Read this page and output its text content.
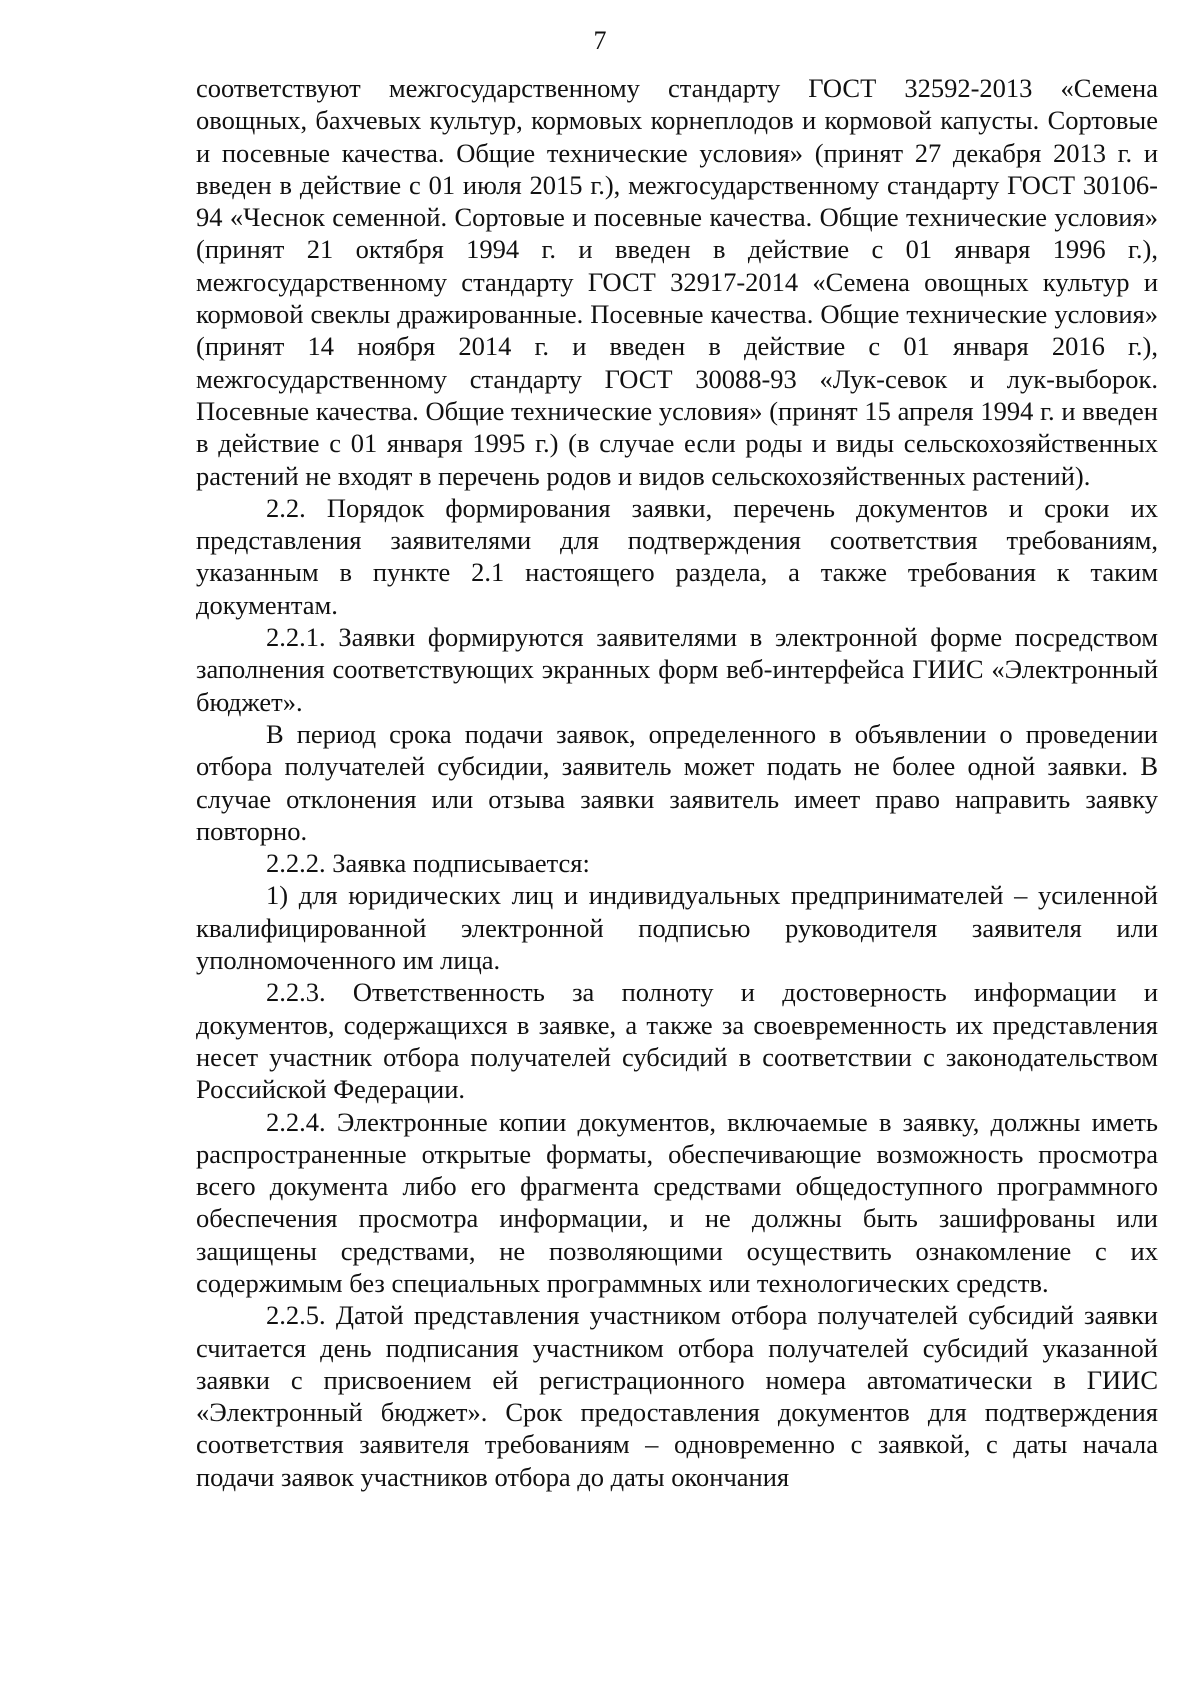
7

соответствуют межгосударственному стандарту ГОСТ 32592-2013 «Семена овощных, бахчевых культур, кормовых корнеплодов и кормовой капусты. Сортовые и посевные качества. Общие технические условия» (принят 27 декабря 2013 г. и введен в действие с 01 июля 2015 г.), межгосударственному стандарту ГОСТ 30106-94 «Чеснок семенной. Сортовые и посевные качества. Общие технические условия» (принят 21 октября 1994 г. и введен в действие с 01 января 1996 г.), межгосударственному стандарту ГОСТ 32917-2014 «Семена овощных культур и кормовой свеклы дражированные. Посевные качества. Общие технические условия» (принят 14 ноября 2014 г. и введен в действие с 01 января 2016 г.), межгосударственному стандарту ГОСТ 30088-93 «Лук-севок и лук-выборок. Посевные качества. Общие технические условия» (принят 15 апреля 1994 г. и введен в действие с 01 января 1995 г.) (в случае если роды и виды сельскохозяйственных растений не входят в перечень родов и видов сельскохозяйственных растений).

2.2. Порядок формирования заявки, перечень документов и сроки их представления заявителями для подтверждения соответствия требованиям, указанным в пункте 2.1 настоящего раздела, а также требования к таким документам.

2.2.1. Заявки формируются заявителями в электронной форме посредством заполнения соответствующих экранных форм веб-интерфейса ГИИС «Электронный бюджет».

В период срока подачи заявок, определенного в объявлении о проведении отбора получателей субсидии, заявитель может подать не более одной заявки. В случае отклонения или отзыва заявки заявитель имеет право направить заявку повторно.

2.2.2. Заявка подписывается:

1) для юридических лиц и индивидуальных предпринимателей – усиленной квалифицированной электронной подписью руководителя заявителя или уполномоченного им лица.

2.2.3. Ответственность за полноту и достоверность информации и документов, содержащихся в заявке, а также за своевременность их представления несет участник отбора получателей субсидий в соответствии с законодательством Российской Федерации.

2.2.4. Электронные копии документов, включаемые в заявку, должны иметь распространенные открытые форматы, обеспечивающие возможность просмотра всего документа либо его фрагмента средствами общедоступного программного обеспечения просмотра информации, и не должны быть зашифрованы или защищены средствами, не позволяющими осуществить ознакомление с их содержимым без специальных программных или технологических средств.

2.2.5. Датой представления участником отбора получателей субсидий заявки считается день подписания участником отбора получателей субсидий указанной заявки с присвоением ей регистрационного номера автоматически в ГИИС «Электронный бюджет». Срок предоставления документов для подтверждения соответствия заявителя требованиям – одновременно с заявкой, с даты начала подачи заявок участников отбора до даты окончания
